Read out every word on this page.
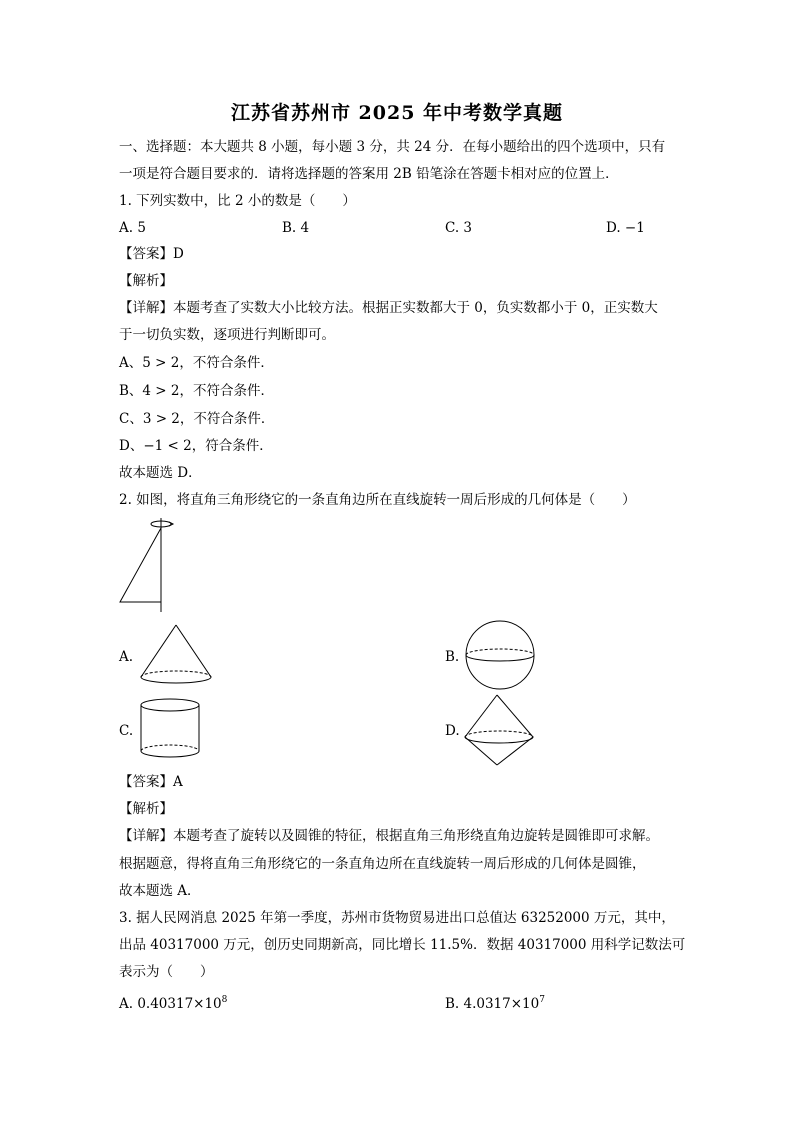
江苏省苏州市 2025 年中考数学真题
一、选择题：本大题共 8 小题，每小题 3 分，共 24 分．在每小题给出的四个选项中，只有
一项是符合题目要求的．请将选择题的答案用 2B 铅笔涂在答题卡相对应的位置上．
1. 下列实数中，比 2 小的数是（　　）
A. 5	B. 4	C. 3	D. −1
【答案】D
【解析】
【详解】本题考查了实数大小比较方法。根据正实数都大于 0，负实数都小于 0，正实数大
于一切负实数，逐项进行判断即可。
A、5 > 2，不符合条件．
B、4 > 2，不符合条件．
C、3 > 2，不符合条件．
D、−1 < 2，符合条件．
故本题选 D．
2. 如图，将直角三角形绕它的一条直角边所在直线旋转一周后形成的几何体是（　　）
A.	B.
C.	D.
【答案】A
【解析】
【详解】本题考查了旋转以及圆锥的特征，根据直角三角形绕直角边旋转是圆锥即可求解。
根据题意，得将直角三角形绕它的一条直角边所在直线旋转一周后形成的几何体是圆锥，
故本题选 A．
3. 据人民网消息 2025 年第一季度，苏州市货物贸易进出口总值达 63252000 万元，其中，
出品 40317000 万元，创历史同期新高，同比增长 11.5%．数据 40317000 用科学记数法可
表示为（　　）
A. $0.40317\times 10^8$	B. $4.0317\times 10^7$
